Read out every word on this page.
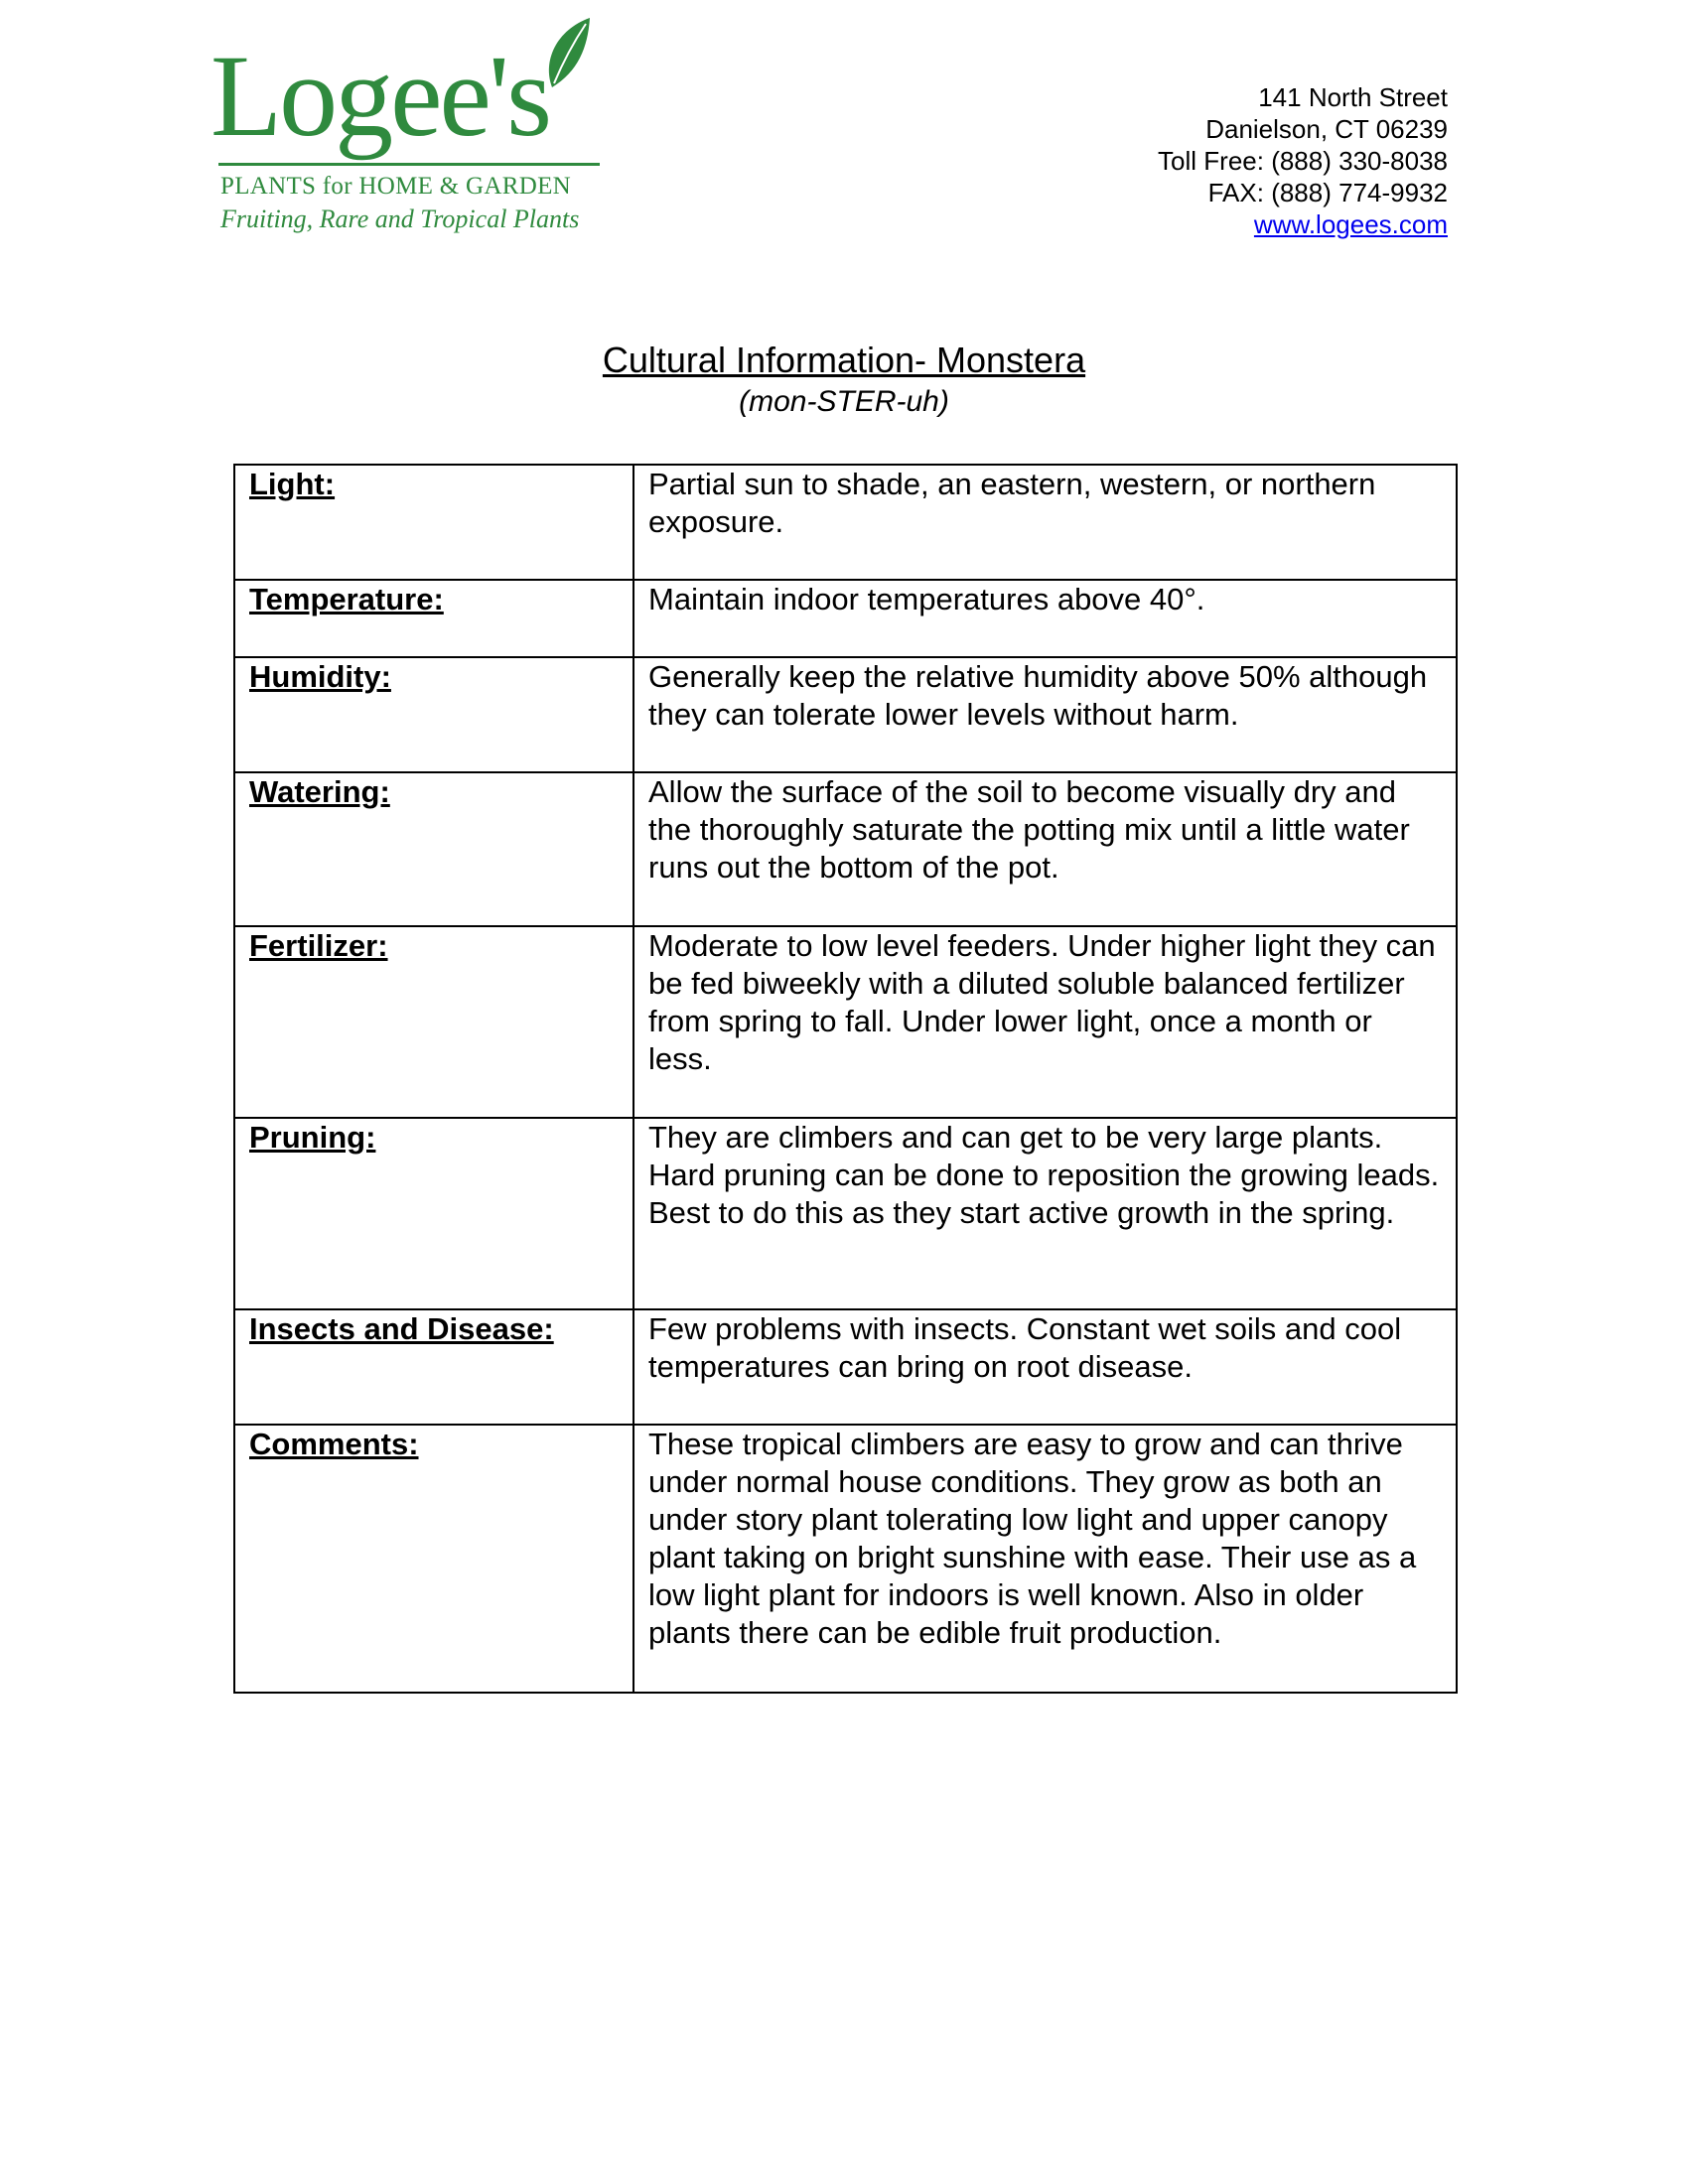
Logee's
PLANTS for HOME & GARDEN
Fruiting, Rare and Tropical Plants
141 North Street
Danielson, CT 06239
Toll Free: (888) 330-8038
FAX: (888) 774-9932
www.logees.com
Cultural Information- Monstera
(mon-STER-uh)
Light:	Partial sun to shade, an eastern, western, or northern exposure.
Temperature:	Maintain indoor temperatures above 40°.
Humidity:	Generally keep the relative humidity above 50% although they can tolerate lower levels without harm.
Watering:	Allow the surface of the soil to become visually dry and the thoroughly saturate the potting mix until a little water runs out the bottom of the pot.
Fertilizer:	Moderate to low level feeders. Under higher light they can be fed biweekly with a diluted soluble balanced fertilizer from spring to fall. Under lower light, once a month or less.
Pruning:	They are climbers and can get to be very large plants. Hard pruning can be done to reposition the growing leads. Best to do this as they start active growth in the spring.
Insects and Disease:	Few problems with insects. Constant wet soils and cool temperatures can bring on root disease.
Comments:	These tropical climbers are easy to grow and can thrive under normal house conditions. They grow as both an under story plant tolerating low light and upper canopy plant taking on bright sunshine with ease. Their use as a low light plant for indoors is well known. Also in older plants there can be edible fruit production.
